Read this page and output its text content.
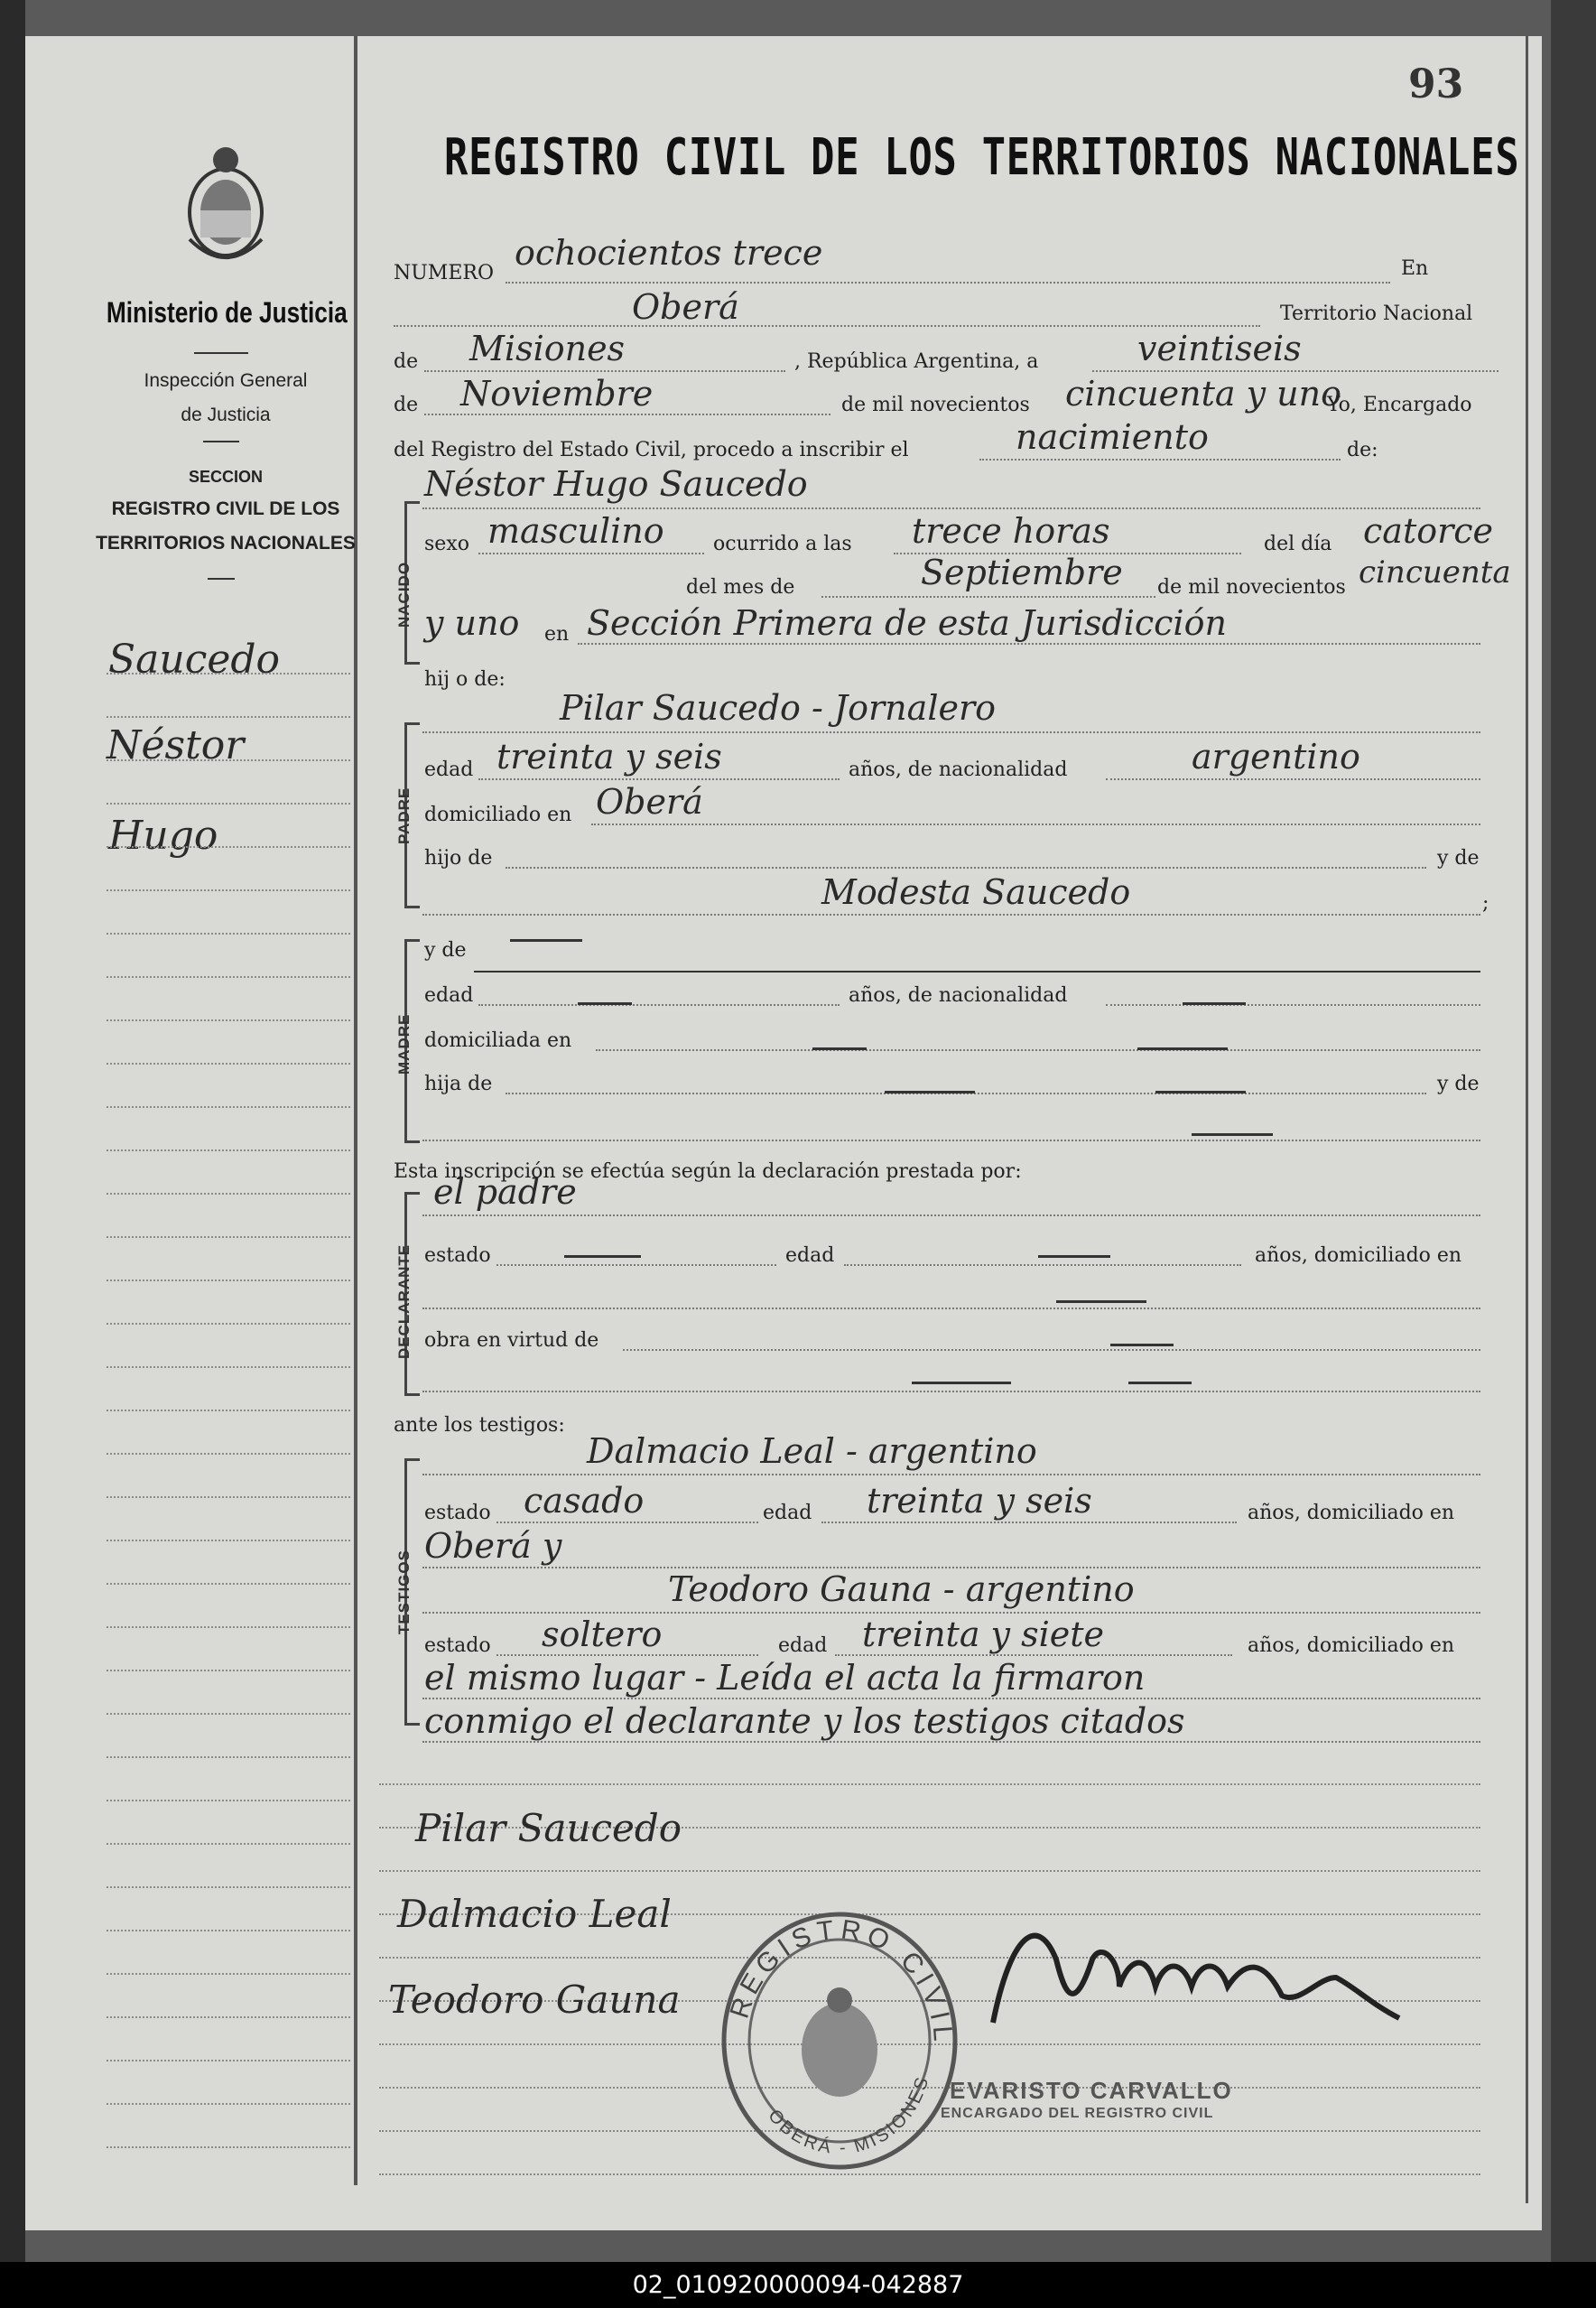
93
REGISTRO CIVIL DE LOS TERRITORIOS NACIONALES
Ministerio de Justicia
Inspección General
de Justicia
SECCION
REGISTRO CIVIL DE LOS
TERRITORIOS NACIONALES
Saucedo
Néstor
Hugo
NUMERO
ochocientos trece	En
Oberá	Territorio Nacional
de Misiones	, República Argentina, a	veintiseis
de Noviembre	de mil novecientos cincuenta y uno
Yo, Encargado
del Registro del Estado Civil, procedo a inscribir el	nacimiento	de:
NACIDO
Néstor Hugo Saucedo
sexo masculino ocurrido a las trece horas	del día catorce
del mes de	Septiembre de mil novecientos cincuenta
y uno en Sección Primera de esta Jurisdicción
hij o de:
PADRE
Pilar Saucedo - Jornalero
edad treinta y seis	años, de nacionalidad	argentino
domiciliado en Oberá
hijo de	y de
Modesta Saucedo	;
MADRE
y de
edad	años, de nacionalidad
domiciliada en
hija de	y de
Esta inscripción se efectúa según la declaración prestada por:
DECLARANTE
el padre
estado	edad	años, domiciliado en
obra en virtud de
ante los testigos:
TESTIGOS
Dalmacio Leal - argentino
estado casado	edad treinta y seis	años, domiciliado en
Oberá y
Teodoro Gauna - argentino
estado soltero	edad treinta y siete	años, domiciliado en
el mismo lugar - Leída el acta la firmaron
conmigo el declarante y los testigos citados
Pilar Saucedo
Dalmacio Leal
Teodoro Gauna REGISTRO CIVIL
OBERÁ - MISIONES EVARISTO CARVALLO
ENCARGADO DEL REGISTRO CIVIL
02_010920000094-042887
